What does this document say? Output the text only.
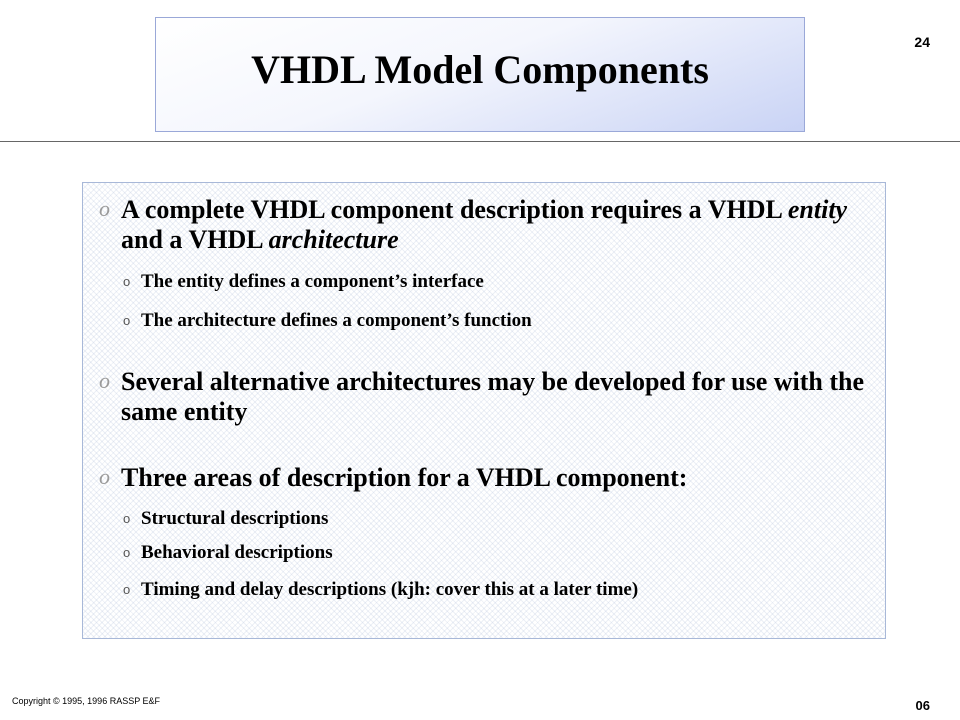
VHDL Model Components
24
o A complete VHDL component description requires a VHDL entity and a VHDL architecture
o The entity defines a component’s interface
o The architecture defines a component’s function
o Several alternative architectures may be developed for use with the same entity
o Three areas of description for a VHDL component:
o Structural descriptions
o Behavioral descriptions
o Timing and delay descriptions (kjh: cover this at a later time)
Copyright © 1995, 1996 RASSP E&F	06
